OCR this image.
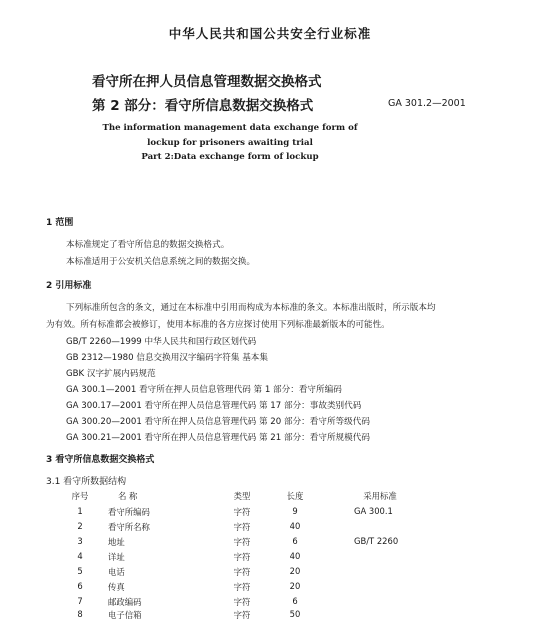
中华人民共和国公共安全行业标准
看守所在押人员信息管理数据交换格式
第 2 部分：看守所信息数据交换格式	GA 301.2—2001
The information management data exchange form of
lockup for prisoners awaiting trial
Part 2:Data exchange form of lockup
1 范围
本标准规定了看守所信息的数据交换格式。
本标准适用于公安机关信息系统之间的数据交换。
2 引用标准
下列标准所包含的条文，通过在本标准中引用而构成为本标准的条文。本标准出版时，所示版本均
为有效。所有标准都会被修订，使用本标准的各方应探讨使用下列标准最新版本的可能性。
GB/T 2260—1999 中华人民共和国行政区划代码
GB 2312—1980 信息交换用汉字编码字符集 基本集
GBK 汉字扩展内码规范
GA 300.1—2001 看守所在押人员信息管理代码 第 1 部分：看守所编码
GA 300.17—2001 看守所在押人员信息管理代码 第 17 部分：事故类别代码
GA 300.20—2001 看守所在押人员信息管理代码 第 20 部分：看守所等级代码
GA 300.21—2001 看守所在押人员信息管理代码 第 21 部分：看守所规模代码
3 看守所信息数据交换格式
3.1 看守所数据结构
序号	名 称	类型	长度	采用标准
1	看守所编码	字符	9	GA 300.1
2	看守所名称	字符	40
3	地址	字符	6	GB/T 2260
4	详址	字符	40
5	电话	字符	20
6	传真	字符	20
7	邮政编码	字符	6
8	电子信箱	字符	50
